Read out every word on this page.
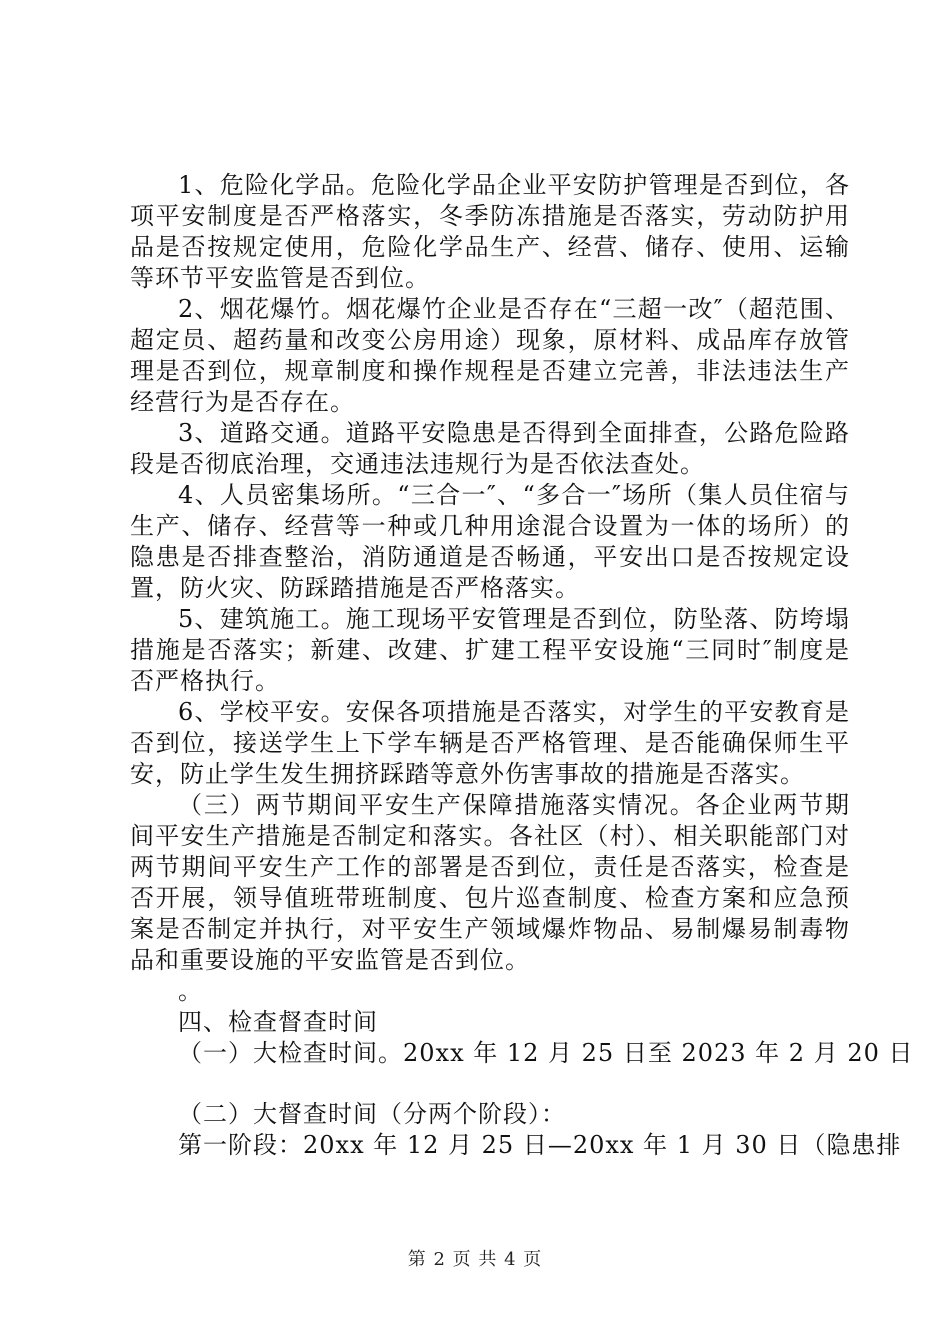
1、危险化学品。危险化学品企业平安防护管理是否到位，各项平安制度是否严格落实，冬季防冻措施是否落实，劳动防护用品是否按规定使用，危险化学品生产、经营、储存、使用、运输等环节平安监管是否到位。

2、烟花爆竹。烟花爆竹企业是否存在“三超一改″（超范围、超定员、超药量和改变公房用途）现象，原材料、成品库存放管理是否到位，规章制度和操作规程是否建立完善，非法违法生产经营行为是否存在。

3、道路交通。道路平安隐患是否得到全面排查，公路危险路段是否彻底治理，交通违法违规行为是否依法查处。

4、人员密集场所。“三合一″、“多合一″场所（集人员住宿与生产、储存、经营等一种或几种用途混合设置为一体的场所）的隐患是否排查整治，消防通道是否畅通，平安出口是否按规定设置，防火灾、防踩踏措施是否严格落实。

5、建筑施工。施工现场平安管理是否到位，防坠落、防垮塌措施是否落实；新建、改建、扩建工程平安设施“三同时″制度是否严格执行。

6、学校平安。安保各项措施是否落实，对学生的平安教育是否到位，接送学生上下学车辆是否严格管理、是否能确保师生平安，防止学生发生拥挤踩踏等意外伤害事故的措施是否落实。

（三）两节期间平安生产保障措施落实情况。各企业两节期间平安生产措施是否制定和落实。各社区（村）、相关职能部门对两节期间平安生产工作的部署是否到位，责任是否落实，检查是否开展，领导值班带班制度、包片巡查制度、检查方案和应急预案是否制定并执行，对平安生产领域爆炸物品、易制爆易制毒物品和重要设施的平安监管是否到位。

。

四、检查督查时间

（一）大检查时间。20xx 年 12 月 25 日至 2023 年 2 月 20 日

（二）大督查时间（分两个阶段）：

第一阶段：20xx 年 12 月 25 日—20xx 年 1 月 30 日（隐患排

第 2 页 共 4 页
